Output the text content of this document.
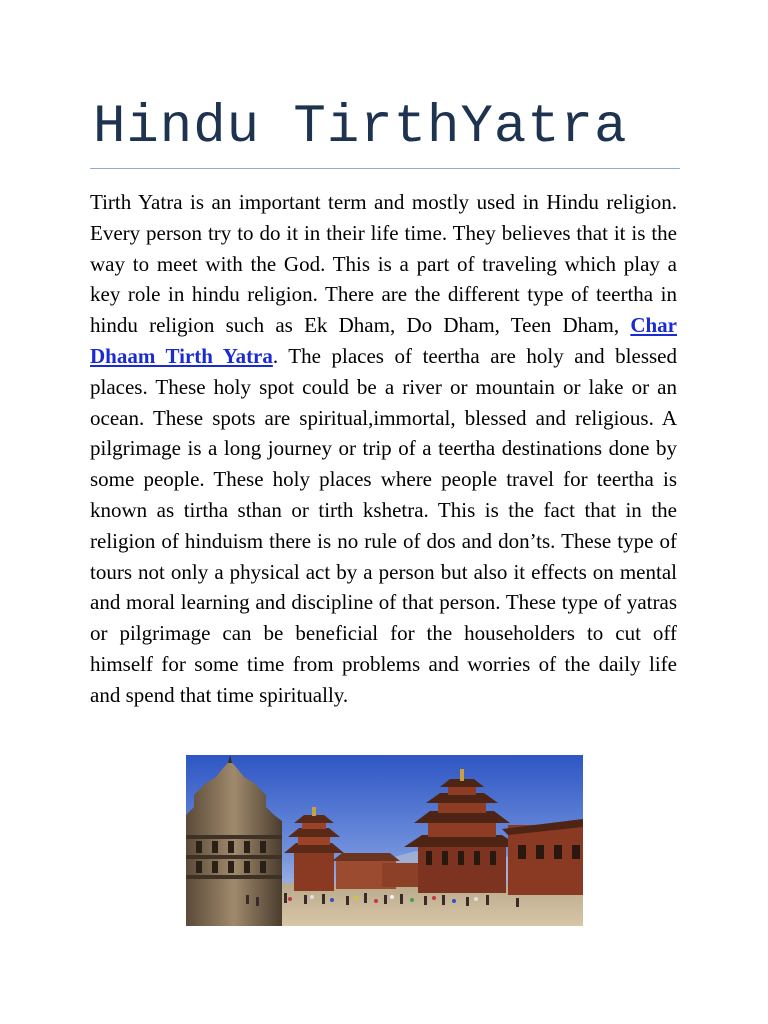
Hindu TirthYatra

Tirth Yatra is an important term and mostly used in Hindu religion. Every person try to do it in their life time. They believes that it is the way to meet with the God. This is a part of traveling which play a key role in hindu religion. There are the different type of teertha in hindu religion such as Ek Dham, Do Dham, Teen Dham, Char Dhaam Tirth Yatra. The places of teertha are holy and blessed places. These holy spot could be a river or mountain or lake or an ocean. These spots are spiritual,immortal, blessed and religious. A pilgrimage is a long journey or trip of a teertha destinations done by some people. These holy places where people travel for teertha is known as tirtha sthan or tirth kshetra. This is the fact that in the religion of hinduism there is no rule of dos and don’ts. These type of tours not only a physical act by a person but also it effects on mental and moral learning and discipline of that person. These type of yatras or pilgrimage can be beneficial for the householders to cut off himself for some time from problems and worries of the daily life and spend that time spiritually.
